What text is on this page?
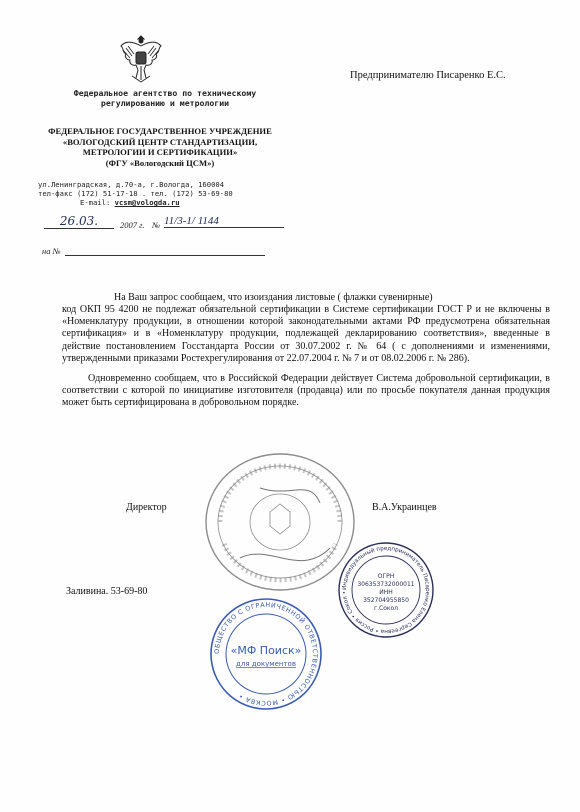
Федеральное агентство по техническому
регулированию и метрологии
ФЕДЕРАЛЬНОЕ ГОСУДАРСТВЕННОЕ УЧРЕЖДЕНИЕ
«ВОЛОГОДСКИЙ ЦЕНТР СТАНДАРТИЗАЦИИ,
МЕТРОЛОГИИ И СЕРТИФИКАЦИИ»
(ФГУ «Вологодский ЦСМ»)
ул.Ленинградская, д.70-а, г.Вологда, 160004
тел-факс (172) 51-17-18 . тел. (172) 53-69-80
E-mail: vcsm@vologda.ru
26.03.	2007 г. № 11/3-1/ 1144
на №
Предпринимателю Писаренко Е.С.

На Ваш запрос сообщаем, что изоиздания листовые ( флажки сувенирные)

код ОКП 95 4200 не подлежат обязательной сертификации в Системе сертификации ГОСТ Р и не включены в «Номенклатуру продукции, в отношении которой законодательными актами РФ предусмотрена обязательная сертификация» и в «Номенклатуру продукции, подлежащей декларированию соответствия», введенные в действие постановлением Госстандарта России от 30.07.2002 г. № 64 ( с дополнениями и изменениями, утвержденными приказами Ростехрегулирования от 22.07.2004 г. № 7 и от 08.02.2006 г. № 286).

Одновременно сообщаем, что в Российской Федерации действует Система добровольной сертификации, в соответствии с которой по инициативе изготовителя (продавца) или по просьбе покупателя данная продукция может быть сертифицирована в добровольном порядке.

Директор	В.А.Украинцев
Заливина. 53-69-80	Индивидуальный предприниматель Писаренко Елена Сергеевна • Россия • Сокол •
ОГРН
306353732000011
ИНН
352704955850
г.Сокол
ОБЩЕСТВО С ОГРАНИЧЕННОЙ ОТВЕТСТВЕННОСТЬЮ • МОСКВА •
«МФ Поиск»
для документов
